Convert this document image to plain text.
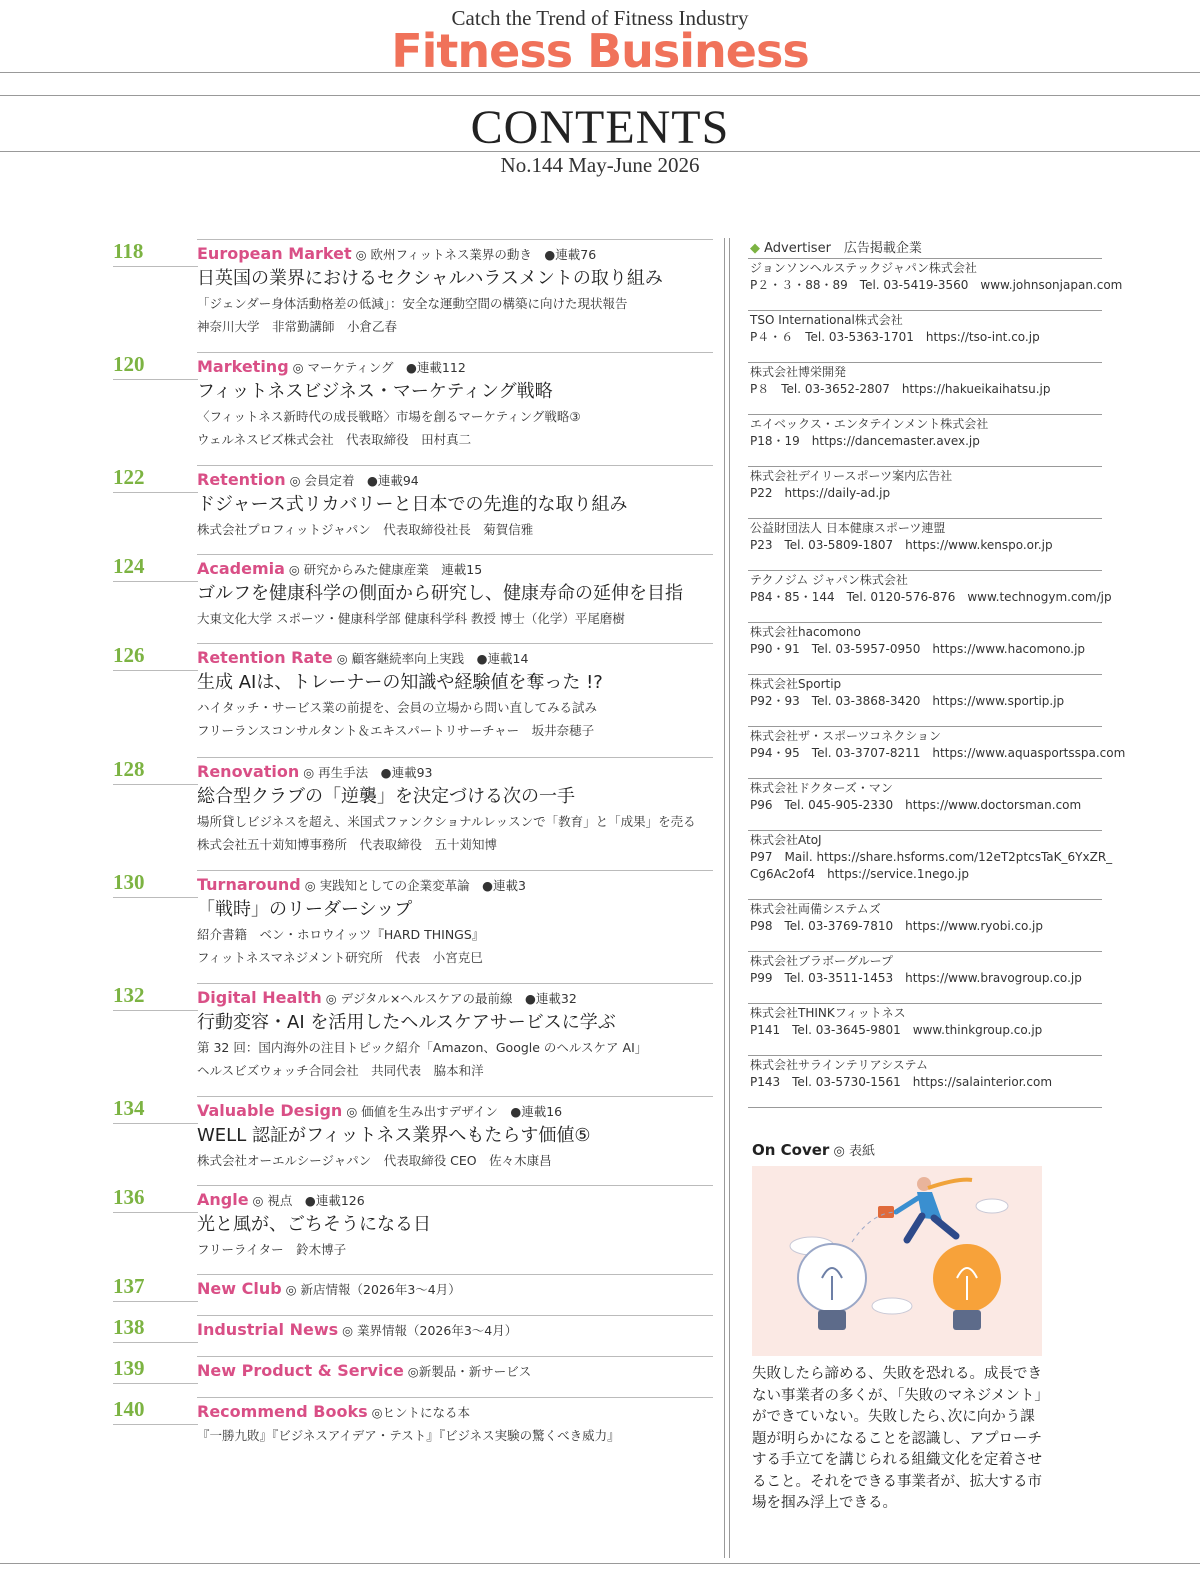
Catch the Trend of Fitness Industry
Fitness Business
CONTENTS
No.144 May-June 2026
118	European Market ◎ 欧州フィットネス業界の動き　●連載76
日英国の業界におけるセクシャルハラスメントの取り組み
「ジェンダー身体活動格差の低減」：安全な運動空間の構築に向けた現状報告
神奈川大学　非常勤講師　小倉乙春
120	Marketing ◎ マーケティング　●連載112
フィットネスビジネス・マーケティング戦略
〈フィットネス新時代の成長戦略〉市場を創るマーケティング戦略③
ウェルネスビズ株式会社　代表取締役　田村真二
122	Retention ◎ 会員定着　●連載94
ドジャース式リカバリーと日本での先進的な取り組み
株式会社プロフィットジャパン　代表取締役社長　菊賀信雅
124	Academia ◎ 研究からみた健康産業　連載15
ゴルフを健康科学の側面から研究し、健康寿命の延伸を目指
大東文化大学 スポーツ・健康科学部 健康科学科 教授 博士（化学）平尾磨樹
126	Retention Rate ◎ 顧客継続率向上実践　●連載14
生成 AIは、トレーナーの知識や経験値を奪った !?
ハイタッチ・サービス業の前提を、会員の立場から問い直してみる試み
フリーランスコンサルタント＆エキスパートリサーチャー　坂井奈穂子
128	Renovation ◎ 再生手法　●連載93
総合型クラブの「逆襲」を決定づける次の一手
場所貸しビジネスを超え、米国式ファンクショナルレッスンで「教育」と「成果」を売る
株式会社五十苅知博事務所　代表取締役　五十苅知博
130	Turnaround ◎ 実践知としての企業変革論　●連載3
「戦時」のリーダーシップ
紹介書籍　ベン・ホロウイッツ『HARD THINGS』
フィットネスマネジメント研究所　代表　小宮克巳
132	Digital Health ◎ デジタル×ヘルスケアの最前線　●連載32
行動変容・AI を活用したヘルスケアサービスに学ぶ
第 32 回：国内海外の注目トピック紹介「Amazon、Google のヘルスケア AI」
ヘルスビズウォッチ合同会社　共同代表　脇本和洋
134	Valuable Design ◎ 価値を生み出すデザイン　●連載16
WELL 認証がフィットネス業界へもたらす価値⑤
株式会社オーエルシージャパン　代表取締役 CEO　佐々木康昌
136	Angle ◎ 視点　●連載126
光と風が、ごちそうになる日
フリーライター　鈴木博子
137	New Club ◎ 新店情報（2026年3～4月）
138	Industrial News ◎ 業界情報（2026年3～4月）
139	New Product & Service ◎新製品・新サービス
140	Recommend Books ◎ヒントになる本
『一勝九敗』『ビジネスアイデア・テスト』『ビジネス実験の驚くべき威力』
◆ Advertiser　広告掲載企業
ジョンソンヘルステックジャパン株式会社
P２・３・88・89　Tel. 03-5419-3560　www.johnsonjapan.com
TSO International株式会社
P４・６　Tel. 03-5363-1701　https://tso-int.co.jp
株式会社博栄開発
P８　Tel. 03-3652-2807　https://hakueikaihatsu.jp
エイベックス・エンタテインメント株式会社
P18・19　https://dancemaster.avex.jp
株式会社デイリースポーツ案内広告社
P22　https://daily-ad.jp
公益財団法人 日本健康スポーツ連盟
P23　Tel. 03-5809-1807　https://www.kenspo.or.jp
テクノジム ジャパン株式会社
P84・85・144　Tel. 0120-576-876　www.technogym.com/jp
株式会社hacomono
P90・91　Tel. 03-5957-0950　https://www.hacomono.jp
株式会社Sportip
P92・93　Tel. 03-3868-3420　https://www.sportip.jp
株式会社ザ・スポーツコネクション
P94・95　Tel. 03-3707-8211　https://www.aquasportsspa.com
株式会社ドクターズ・マン
P96　Tel. 045-905-2330　https://www.doctorsman.com
株式会社AtoJ
P97　Mail. https://share.hsforms.com/12eT2ptcsTaK_6YxZR_
Cg6Ac2of4　https://service.1nego.jp
株式会社両備システムズ
P98　Tel. 03-3769-7810　https://www.ryobi.co.jp
株式会社ブラボーグループ
P99　Tel. 03-3511-1453　https://www.bravogroup.co.jp
株式会社THINKフィットネス
P141　Tel. 03-3645-9801　www.thinkgroup.co.jp
株式会社サラインテリアシステム
P143　Tel. 03-5730-1561　https://salainterior.com
On Cover ◎ 表紙
失敗したら諦める、失敗を恐れる。成長できない事業者の多くが、「失敗のマネジメント」ができていない。失敗したら､次に向かう課題が明らかになることを認識し、アプローチする手立てを講じられる組織文化を定着させること。それをできる事業者が、拡大する市場を掴み浮上できる。
